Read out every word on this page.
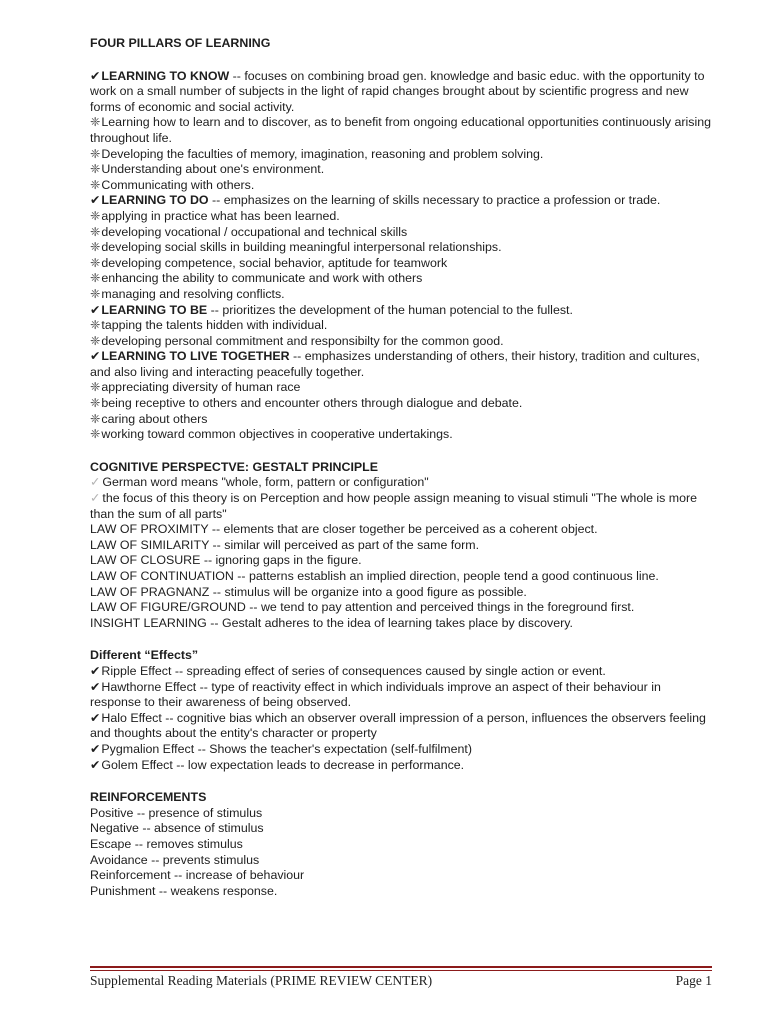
FOUR PILLARS OF LEARNING

✔LEARNING TO KNOW -- focuses on combining broad gen. knowledge and basic educ. with the opportunity to work on a small number of subjects in the light of rapid changes brought about by scientific progress and new forms of economic and social activity.

❈Learning how to learn and to discover, as to benefit from ongoing educational opportunities continuously arising throughout life.

❈Developing the faculties of memory, imagination, reasoning and problem solving.

❈Understanding about one's environment.

❈Communicating with others.

✔LEARNING TO DO -- emphasizes on the learning of skills necessary to practice a profession or trade.

❈applying in practice what has been learned.

❈developing vocational / occupational and technical skills

❈developing social skills in building meaningful interpersonal relationships.

❈developing competence, social behavior, aptitude for teamwork

❈enhancing the ability to communicate and work with others

❈managing and resolving conflicts.

✔LEARNING TO BE -- prioritizes the development of the human potencial to the fullest.

❈tapping the talents hidden with individual.

❈developing personal commitment and responsibilty for the common good.

✔LEARNING TO LIVE TOGETHER -- emphasizes understanding of others, their history, tradition and cultures, and also living and interacting peacefully together.

❈appreciating diversity of human race

❈being receptive to others and encounter others through dialogue and debate.

❈caring about others

❈working toward common objectives in cooperative undertakings.

COGNITIVE PERSPECTVE: GESTALT PRINCIPLE

✓ German word means "whole, form, pattern or configuration"

✓ the focus of this theory is on Perception and how people assign meaning to visual stimuli "The whole is more than the sum of all parts"

LAW OF PROXIMITY -- elements that are closer together be perceived as a coherent object.

LAW OF SIMILARITY -- similar will perceived as part of the same form.

LAW OF CLOSURE -- ignoring gaps in the figure.

LAW OF CONTINUATION -- patterns establish an implied direction, people tend a good continuous line.

LAW OF PRAGNANZ -- stimulus will be organize into a good figure as possible.

LAW OF FIGURE/GROUND -- we tend to pay attention and perceived things in the foreground first.

INSIGHT LEARNING -- Gestalt adheres to the idea of learning takes place by discovery.

Different “Effects”

✔Ripple Effect -- spreading effect of series of consequences caused by single action or event.

✔Hawthorne Effect -- type of reactivity effect in which individuals improve an aspect of their behaviour in response to their awareness of being observed.

✔Halo Effect -- cognitive bias which an observer overall impression of a person, influences the observers feeling and thoughts about the entity's character or property

✔Pygmalion Effect -- Shows the teacher's expectation (self-fulfilment)

✔Golem Effect -- low expectation leads to decrease in performance.

REINFORCEMENTS

Positive -- presence of stimulus

Negative -- absence of stimulus

Escape -- removes stimulus

Avoidance -- prevents stimulus

Reinforcement -- increase of behaviour

Punishment -- weakens response.

Supplemental Reading Materials (PRIME REVIEW CENTER)	Page 1
